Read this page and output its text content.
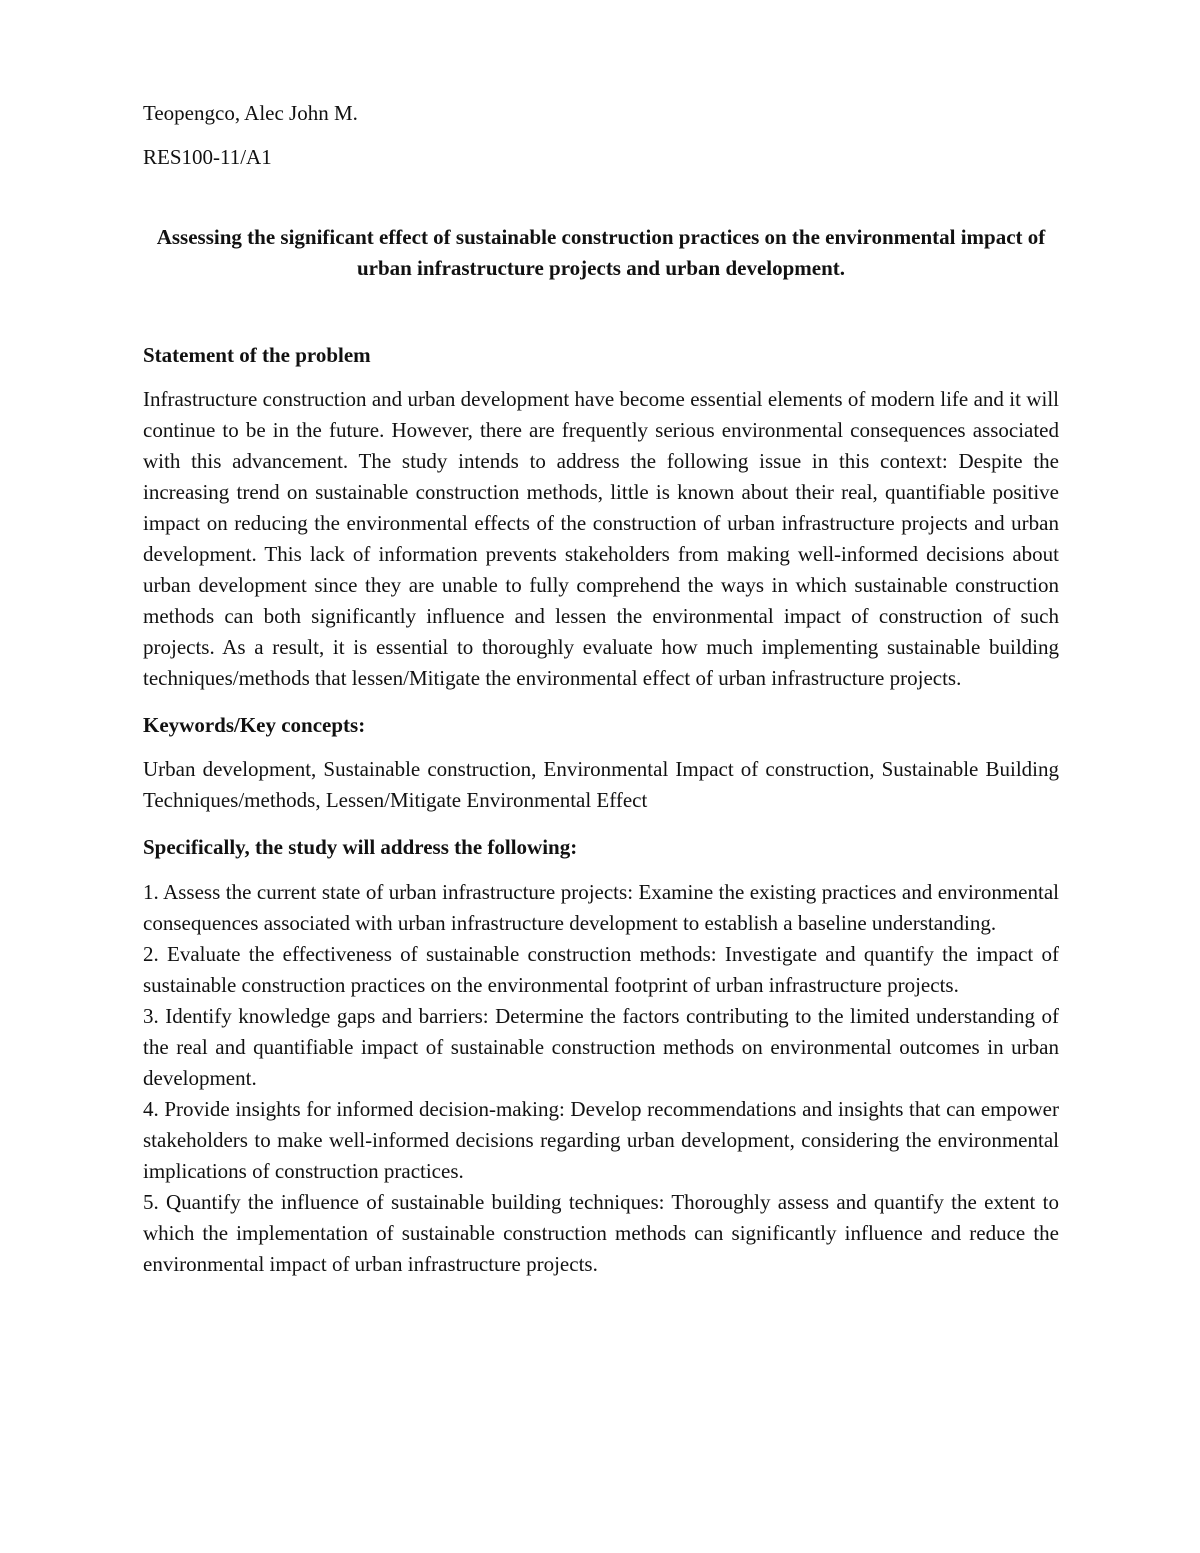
Teopengco, Alec John M.

RES100-11/A1

Assessing the significant effect of sustainable construction practices on the environmental impact of urban infrastructure projects and urban development.

Statement of the problem

Infrastructure construction and urban development have become essential elements of modern life and it will continue to be in the future. However, there are frequently serious environmental consequences associated with this advancement. The study intends to address the following issue in this context: Despite the increasing trend on sustainable construction methods, little is known about their real, quantifiable positive impact on reducing the environmental effects of the construction of urban infrastructure projects and urban development. This lack of information prevents stakeholders from making well-informed decisions about urban development since they are unable to fully comprehend the ways in which sustainable construction methods can both significantly influence and lessen the environmental impact of construction of such projects. As a result, it is essential to thoroughly evaluate how much implementing sustainable building techniques/methods that lessen/Mitigate the environmental effect of urban infrastructure projects.

Keywords/Key concepts:

Urban development, Sustainable construction, Environmental Impact of construction, Sustainable Building Techniques/methods, Lessen/Mitigate Environmental Effect

Specifically, the study will address the following:

1. Assess the current state of urban infrastructure projects: Examine the existing practices and environmental consequences associated with urban infrastructure development to establish a baseline understanding.
2. Evaluate the effectiveness of sustainable construction methods: Investigate and quantify the impact of sustainable construction practices on the environmental footprint of urban infrastructure projects.
3. Identify knowledge gaps and barriers: Determine the factors contributing to the limited understanding of the real and quantifiable impact of sustainable construction methods on environmental outcomes in urban development.
4. Provide insights for informed decision-making: Develop recommendations and insights that can empower stakeholders to make well-informed decisions regarding urban development, considering the environmental implications of construction practices.
5. Quantify the influence of sustainable building techniques: Thoroughly assess and quantify the extent to which the implementation of sustainable construction methods can significantly influence and reduce the environmental impact of urban infrastructure projects.
